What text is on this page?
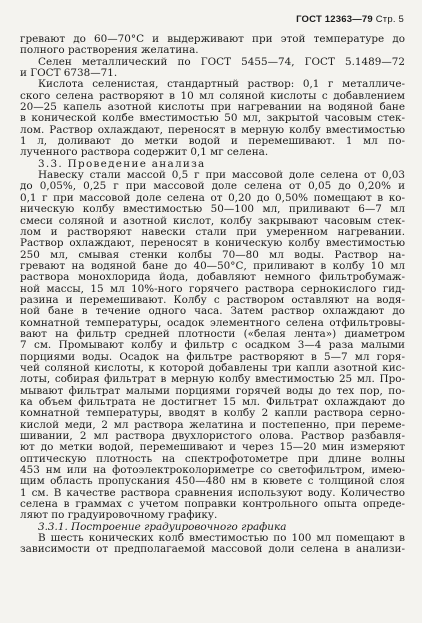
ГОСТ 12363—79 Стр. 5
гревают до 60—70°С и выдерживают при этой температуре до
полного растворения желатина.
Селен металлический по ГОСТ 5455—74, ГОСТ 5.1489—72
и ГОСТ 6738—71.
Кислота селенистая, стандартный раствор: 0,1 г металличе-
ского селена растворяют в 10 мл соляной кислоты с добавлением
20—25 капель азотной кислоты при нагревании на водяной бане
в конической колбе вместимостью 50 мл, закрытой часовым стек-
лом. Раствор охлаждают, переносят в мерную колбу вместимостью
1 л, доливают до метки водой и перемешивают. 1 мл по-
лученного раствора содержит 0,1 мг селена.
3.3. Проведение анализа
Навеску стали массой 0,5 г при массовой доле селена от 0,03
до 0,05%, 0,25 г при массовой доле селена от 0,05 до 0,20% и
0,1 г при массовой доле селена от 0,20 до 0,50% помещают в ко-
ническую колбу вместимостью 50—100 мл, приливают 6—7 мл
смеси соляной и азотной кислот, колбу закрывают часовым стек-
лом и растворяют навески стали при умеренном нагревании.
Раствор охлаждают, переносят в коническую колбу вместимостью
250 мл, смывая стенки колбы 70—80 мл воды. Раствор на-
гревают на водяной бане до 40—50°С, приливают в колбу 10 мл
раствора монохлорида йода, добавляют немного фильтробумаж-
ной массы, 15 мл 10%-ного горячего раствора сернокислого гид-
разина и перемешивают. Колбу с раствором оставляют на водя-
ной бане в течение одного часа. Затем раствор охлаждают до
комнатной температуры, осадок элементного селена отфильтровы-
вают на фильтр средней плотности («белая лента») диаметром
7 см. Промывают колбу и фильтр с осадком 3—4 раза малыми
порциями воды. Осадок на фильтре растворяют в 5—7 мл горя-
чей соляной кислоты, к которой добавлены три капли азотной кис-
лоты, собирая фильтрат в мерную колбу вместимостью 25 мл. Про-
мывают фильтрат малыми порциями горячей воды до тех пор, по-
ка объем фильтрата не достигнет 15 мл. Фильтрат охлаждают до
комнатной температуры, вводят в колбу 2 капли раствора серно-
кислой меди, 2 мл раствора желатина и постепенно, при переме-
шивании, 2 мл раствора двухлористого олова. Раствор разбавля-
ют до метки водой, перемешивают и через 15—20 мин измеряют
оптическую плотность на спектрофотометре при длине волны
453 нм или на фотоэлектроколориметре со светофильтром, имею-
щим область пропускания 450—480 нм в кювете с толщиной слоя
1 см. В качестве раствора сравнения используют воду. Количество
селена в граммах с учетом поправки контрольного опыта опреде-
ляют по градуировочному графику.
3.3.1. Построение градуировочного графика
В шесть конических колб вместимостью по 100 мл помещают в
зависимости от предполагаемой массовой доли селена в анализи-
